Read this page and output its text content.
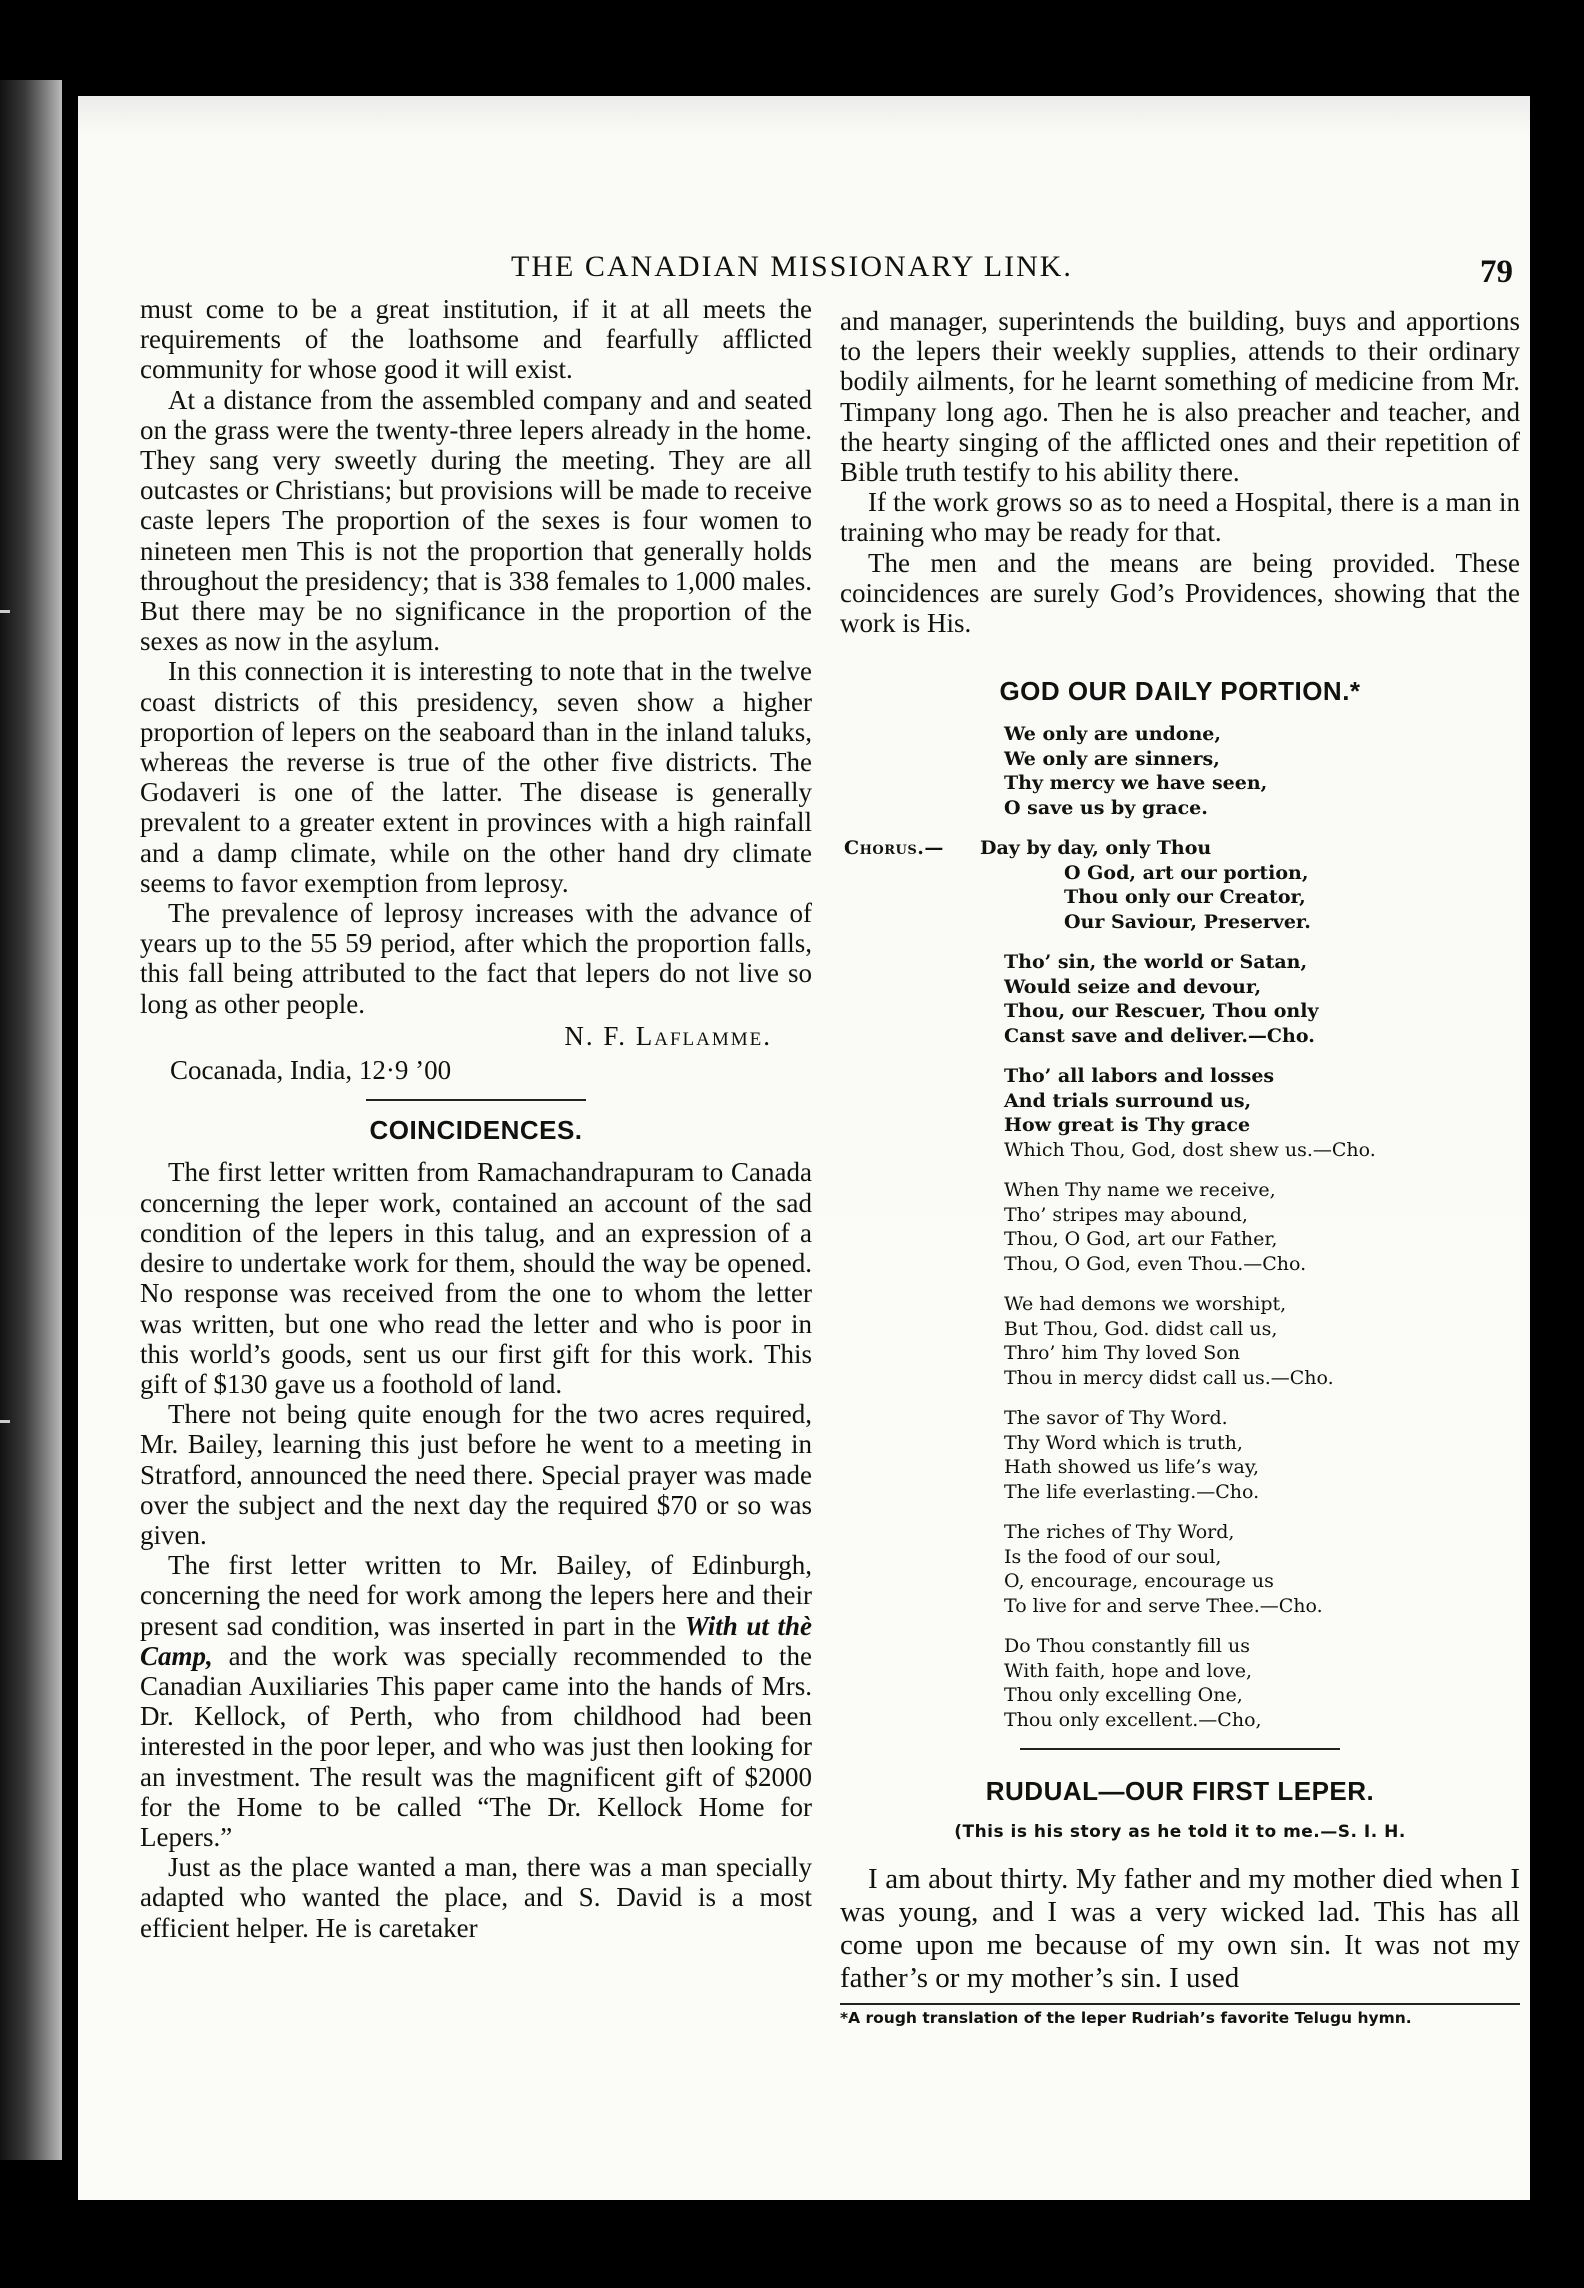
THE CANADIAN MISSIONARY LINK.	79

must come to be a great institution, if it at all meets the requirements of the loathsome and fearfully afflicted community for whose good it will exist.

At a distance from the assembled company and and seated on the grass were the twenty-three lepers already in the home. They sang very sweetly during the meeting. They are all outcastes or Christians; but provisions will be made to receive caste lepers The proportion of the sexes is four women to nineteen men This is not the proportion that generally holds throughout the presidency; that is 338 females to 1,000 males. But there may be no significance in the proportion of the sexes as now in the asylum.

In this connection it is interesting to note that in the twelve coast districts of this presidency, seven show a higher proportion of lepers on the seaboard than in the inland taluks, whereas the reverse is true of the other five districts. The Godaveri is one of the latter. The disease is generally prevalent to a greater extent in provinces with a high rainfall and a damp climate, while on the other hand dry climate seems to favor exemption from leprosy.

The prevalence of leprosy increases with the advance of years up to the 55 59 period, after which the proportion falls, this fall being attributed to the fact that lepers do not live so long as other people.

N. F. Laflamme.
Cocanada, India, 12·9 ’00
COINCIDENCES.

The first letter written from Ramachandrapuram to Canada concerning the leper work, contained an account of the sad condition of the lepers in this talug, and an expression of a desire to undertake work for them, should the way be opened. No response was received from the one to whom the letter was written, but one who read the letter and who is poor in this world’s goods, sent us our first gift for this work. This gift of $130 gave us a foothold of land.

There not being quite enough for the two acres required, Mr. Bailey, learning this just before he went to a meeting in Stratford, announced the need there. Special prayer was made over the subject and the next day the required $70 or so was given.

The first letter written to Mr. Bailey, of Edinburgh, concerning the need for work among the lepers here and their present sad condition, was inserted in part in the With ut thè Camp, and the work was specially recommended to the Canadian Auxiliaries This paper came into the hands of Mrs. Dr. Kellock, of Perth, who from childhood had been interested in the poor leper, and who was just then looking for an investment. The result was the magnificent gift of $2000 for the Home to be called “The Dr. Kellock Home for Lepers.”

Just as the place wanted a man, there was a man specially adapted who wanted the place, and S. David is a most efficient helper. He is caretaker

and manager, superintends the building, buys and apportions to the lepers their weekly supplies, attends to their ordinary bodily ailments, for he learnt something of medicine from Mr. Timpany long ago. Then he is also preacher and teacher, and the hearty singing of the afflicted ones and their repetition of Bible truth testify to his ability there.

If the work grows so as to need a Hospital, there is a man in training who may be ready for that.

The men and the means are being provided. These coincidences are surely God’s Providences, showing that the work is His.

GOD OUR DAILY PORTION.*
We only are undone,
We only are sinners,
Thy mercy we have seen,
O save us by grace.
Chorus.—	Day by day, only Thou
O God, art our portion,
Thou only our Creator,
Our Saviour, Preserver.
Tho’ sin, the world or Satan,
Would seize and devour,
Thou, our Rescuer, Thou only
Canst save and deliver.—Cho.
Tho’ all labors and losses
And trials surround us,
How great is Thy grace
Which Thou, God, dost shew us.—Cho.
When Thy name we receive,
Tho’ stripes may abound,
Thou, O God, art our Father,
Thou, O God, even Thou.—Cho.
We had demons we worshipt,
But Thou, God. didst call us,
Thro’ him Thy loved Son
Thou in mercy didst call us.—Cho.
The savor of Thy Word.
Thy Word which is truth,
Hath showed us life’s way,
The life everlasting.—Cho.
The riches of Thy Word,
Is the food of our soul,
O, encourage, encourage us
To live for and serve Thee.—Cho.
Do Thou constantly fill us
With faith, hope and love,
Thou only excelling One,
Thou only excellent.—Cho,
RUDUAL—OUR FIRST LEPER.
(This is his story as he told it to me.—S. I. H.

I am about thirty. My father and my mother died when I was young, and I was a very wicked lad. This has all come upon me because of my own sin. It was not my father’s or my mother’s sin. I used

*A rough translation of the leper Rudriah’s favorite Telugu hymn.
